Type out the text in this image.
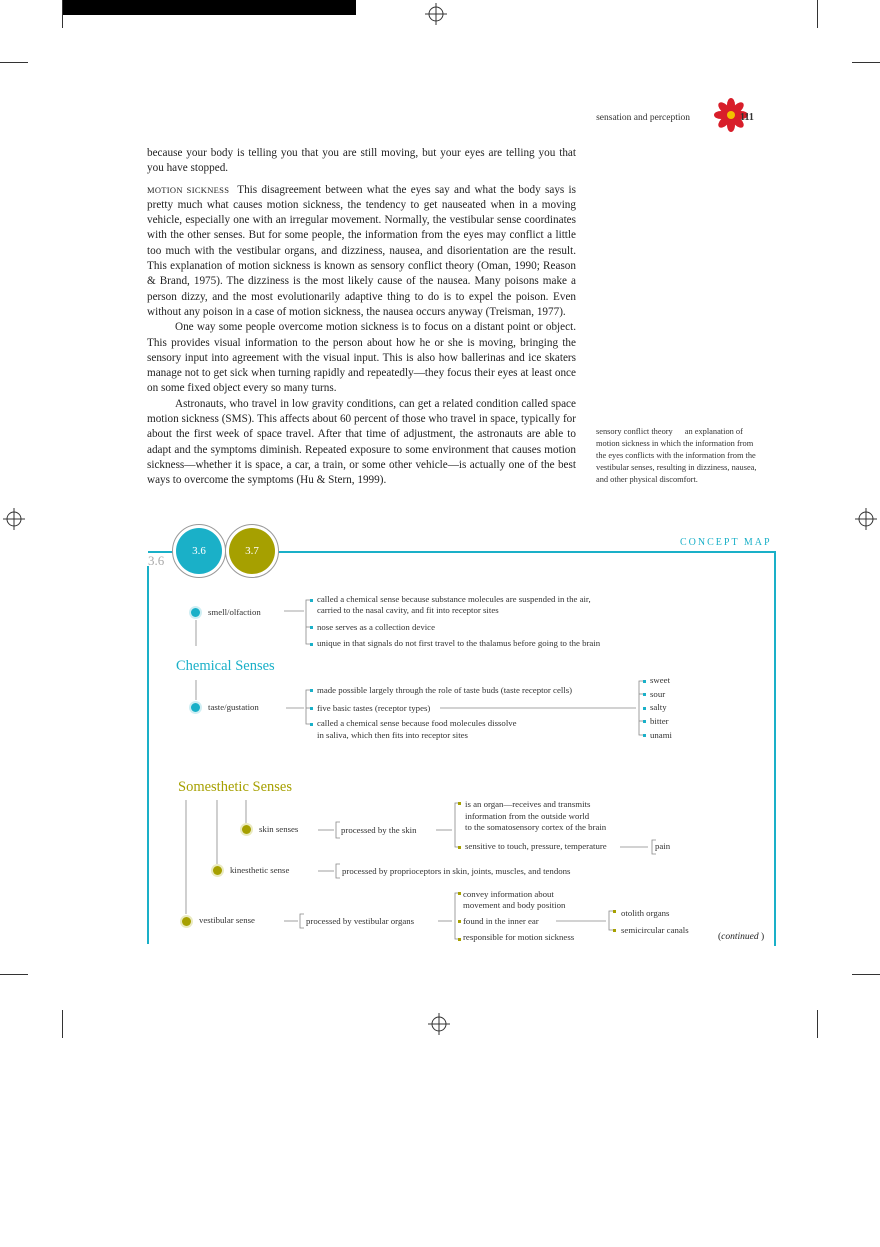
sensation and perception	111

because your body is telling you that you are still moving, but your eyes are telling you that you have stopped.

MOTION SICKNESS This disagreement between what the eyes say and what the body says is pretty much what causes motion sickness, the tendency to get nauseated when in a moving vehicle, especially one with an irregular movement. Normally, the vestibular sense coordinates with the other senses. But for some people, the information from the eyes may conflict a little too much with the vestibular organs, and dizziness, nausea, and disorientation are the result. This explanation of motion sickness is known as sensory conflict theory (Oman, 1990; Reason & Brand, 1975). The dizziness is the most likely cause of the nausea. Many poisons make a person dizzy, and the most evolutionarily adaptive thing to do is to expel the poison. Even without any poison in a case of motion sickness, the nausea occurs anyway (Treisman, 1977).

One way some people overcome motion sickness is to focus on a distant point or object. This provides visual information to the person about how he or she is moving, bringing the sensory input into agreement with the visual input. This is also how ballerinas and ice skaters manage not to get sick when turning rapidly and repeatedly—they focus their eyes at least once on some fixed object every so many turns.

Astronauts, who travel in low gravity conditions, can get a related condition called space motion sickness (SMS). This affects about 60 percent of those who travel in space, typically for about the first week of space travel. After that time of adjustment, the astronauts are able to adapt and the symptoms diminish. Repeated exposure to some environment that causes motion sickness—whether it is space, a car, a train, or some other vehicle—is actually one of the best ways to overcome the symptoms (Hu & Stern, 1999).

sensory conflict theory an explanation of motion sickness in which the information from the eyes conflicts with the information from the vestibular senses, resulting in dizziness, nausea, and other physical discomfort.
CONCEPT MAP
3.6
3.6	3.7
smell/olfaction
called a chemical sense because substance molecules are suspended in the air,
carried to the nasal cavity, and fit into receptor sites
nose serves as a collection device
unique in that signals do not first travel to the thalamus before going to the brain
Chemical Senses
taste/gustation
made possible largely through the role of taste buds (taste receptor cells)
five basic tastes (receptor types)
called a chemical sense because food molecules dissolve
in saliva, which then fits into receptor sites
sweet
sour
salty
bitter
unami
Somesthetic Senses
skin senses	processed by the skin
is an organ—receives and transmits
information from the outside world
to the somatosensory cortex of the brain
sensitive to touch, pressure, temperature	pain
kinesthetic sense	processed by proprioceptors in skin, joints, muscles, and tendons
vestibular sense	processed by vestibular organs
convey information about
movement and body position
found in the inner ear
responsible for motion sickness
otolith organs
semicircular canals
(continued )
